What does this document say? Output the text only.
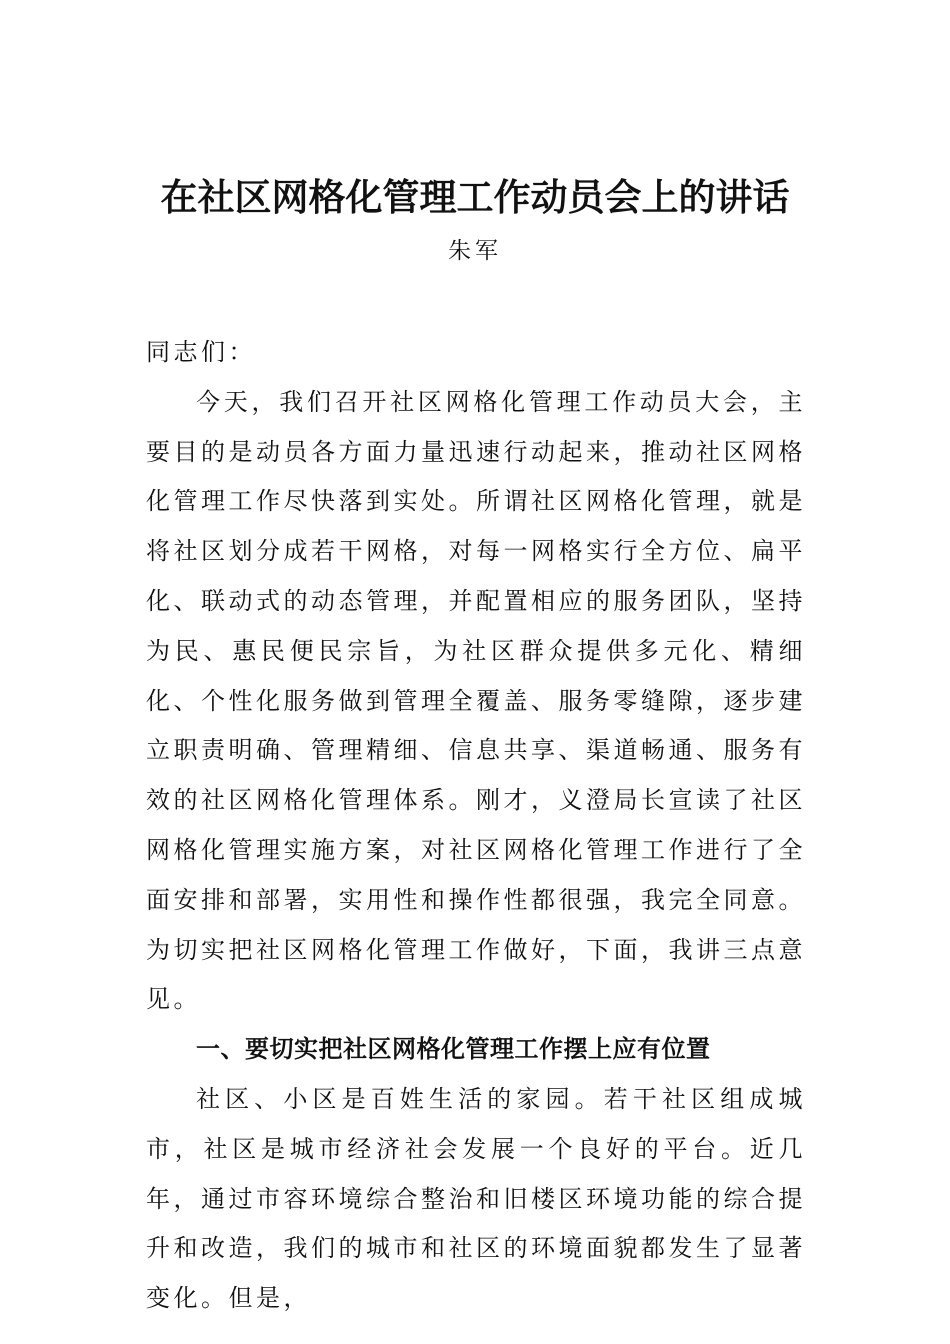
在社区网格化管理工作动员会上的讲话
朱军

同志们：

今天，我们召开社区网格化管理工作动员大会，主要目的是动员各方面力量迅速行动起来，推动社区网格化管理工作尽快落到实处。所谓社区网格化管理，就是将社区划分成若干网格，对每一网格实行全方位、扁平化、联动式的动态管理，并配置相应的服务团队，坚持为民、惠民便民宗旨，为社区群众提供多元化、精细化、个性化服务做到管理全覆盖、服务零缝隙，逐步建立职责明确、管理精细、信息共享、渠道畅通、服务有效的社区网格化管理体系。刚才，义澄局长宣读了社区网格化管理实施方案，对社区网格化管理工作进行了全面安排和部署，实用性和操作性都很强，我完全同意。为切实把社区网格化管理工作做好，下面，我讲三点意见。

一、要切实把社区网格化管理工作摆上应有位置

社区、小区是百姓生活的家园。若干社区组成城市，社区是城市经济社会发展一个良好的平台。近几年，通过市容环境综合整治和旧楼区环境功能的综合提升和改造，我们的城市和社区的环境面貌都发生了显著变化。但是，
